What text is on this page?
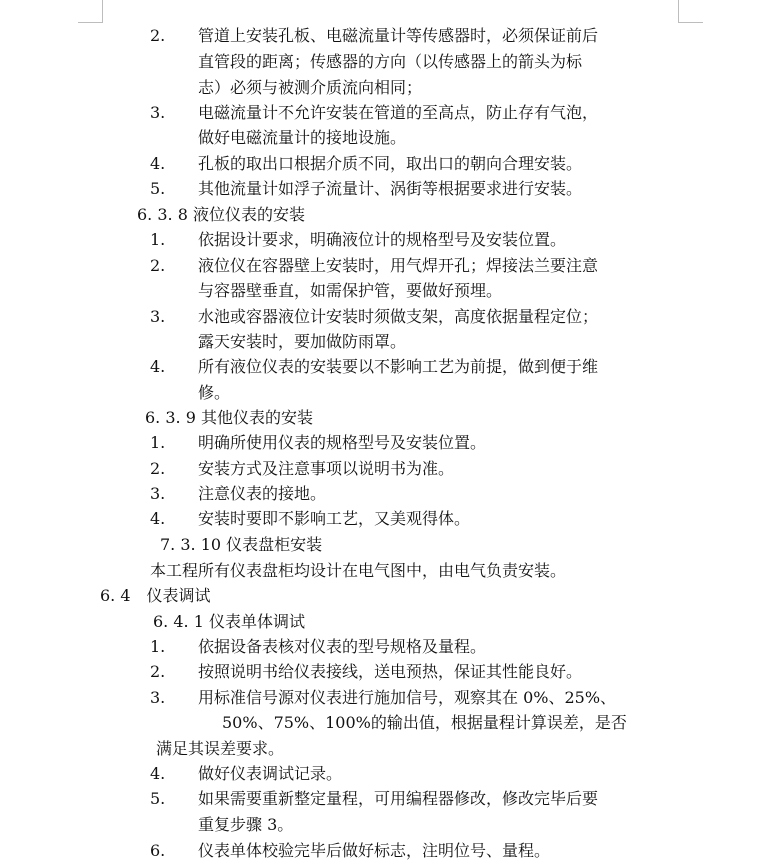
2.	管道上安装孔板、电磁流量计等传感器时，必须保证前后
直管段的距离；传感器的方向（以传感器上的箭头为标
志）必须与被测介质流向相同；
3.	电磁流量计不允许安装在管道的至高点，防止存有气泡，
做好电磁流量计的接地设施。
4.	孔板的取出口根据介质不同，取出口的朝向合理安装。
5.	其他流量计如浮子流量计、涡街等根据要求进行安装。
6. 3. 8 液位仪表的安装
1.	依据设计要求，明确液位计的规格型号及安装位置。
2.	液位仪在容器壁上安装时，用气焊开孔；焊接法兰要注意
与容器壁垂直，如需保护管，要做好预埋。
3.	水池或容器液位计安装时须做支架，高度依据量程定位；
露天安装时，要加做防雨罩。
4.	所有液位仪表的安装要以不影响工艺为前提，做到便于维
修。
6. 3. 9 其他仪表的安装
1.	明确所使用仪表的规格型号及安装位置。
2.	安装方式及注意事项以说明书为准。
3.	注意仪表的接地。
4.	安装时要即不影响工艺，又美观得体。
7. 3. 10 仪表盘柜安装
本工程所有仪表盘柜均设计在电气图中，由电气负责安装。
6. 4　仪表调试
6. 4. 1 仪表单体调试
1.	依据设备表核对仪表的型号规格及量程。
2.	按照说明书给仪表接线，送电预热，保证其性能良好。
3.	用标准信号源对仪表进行施加信号，观察其在 0%、25%、
50%、75%、100%的输出值，根据量程计算误差，是否
满足其误差要求。
4.	做好仪表调试记录。
5.	如果需要重新整定量程，可用编程器修改，修改完毕后要
重复步骤 3。
6.	仪表单体校验完毕后做好标志，注明位号、量程。
